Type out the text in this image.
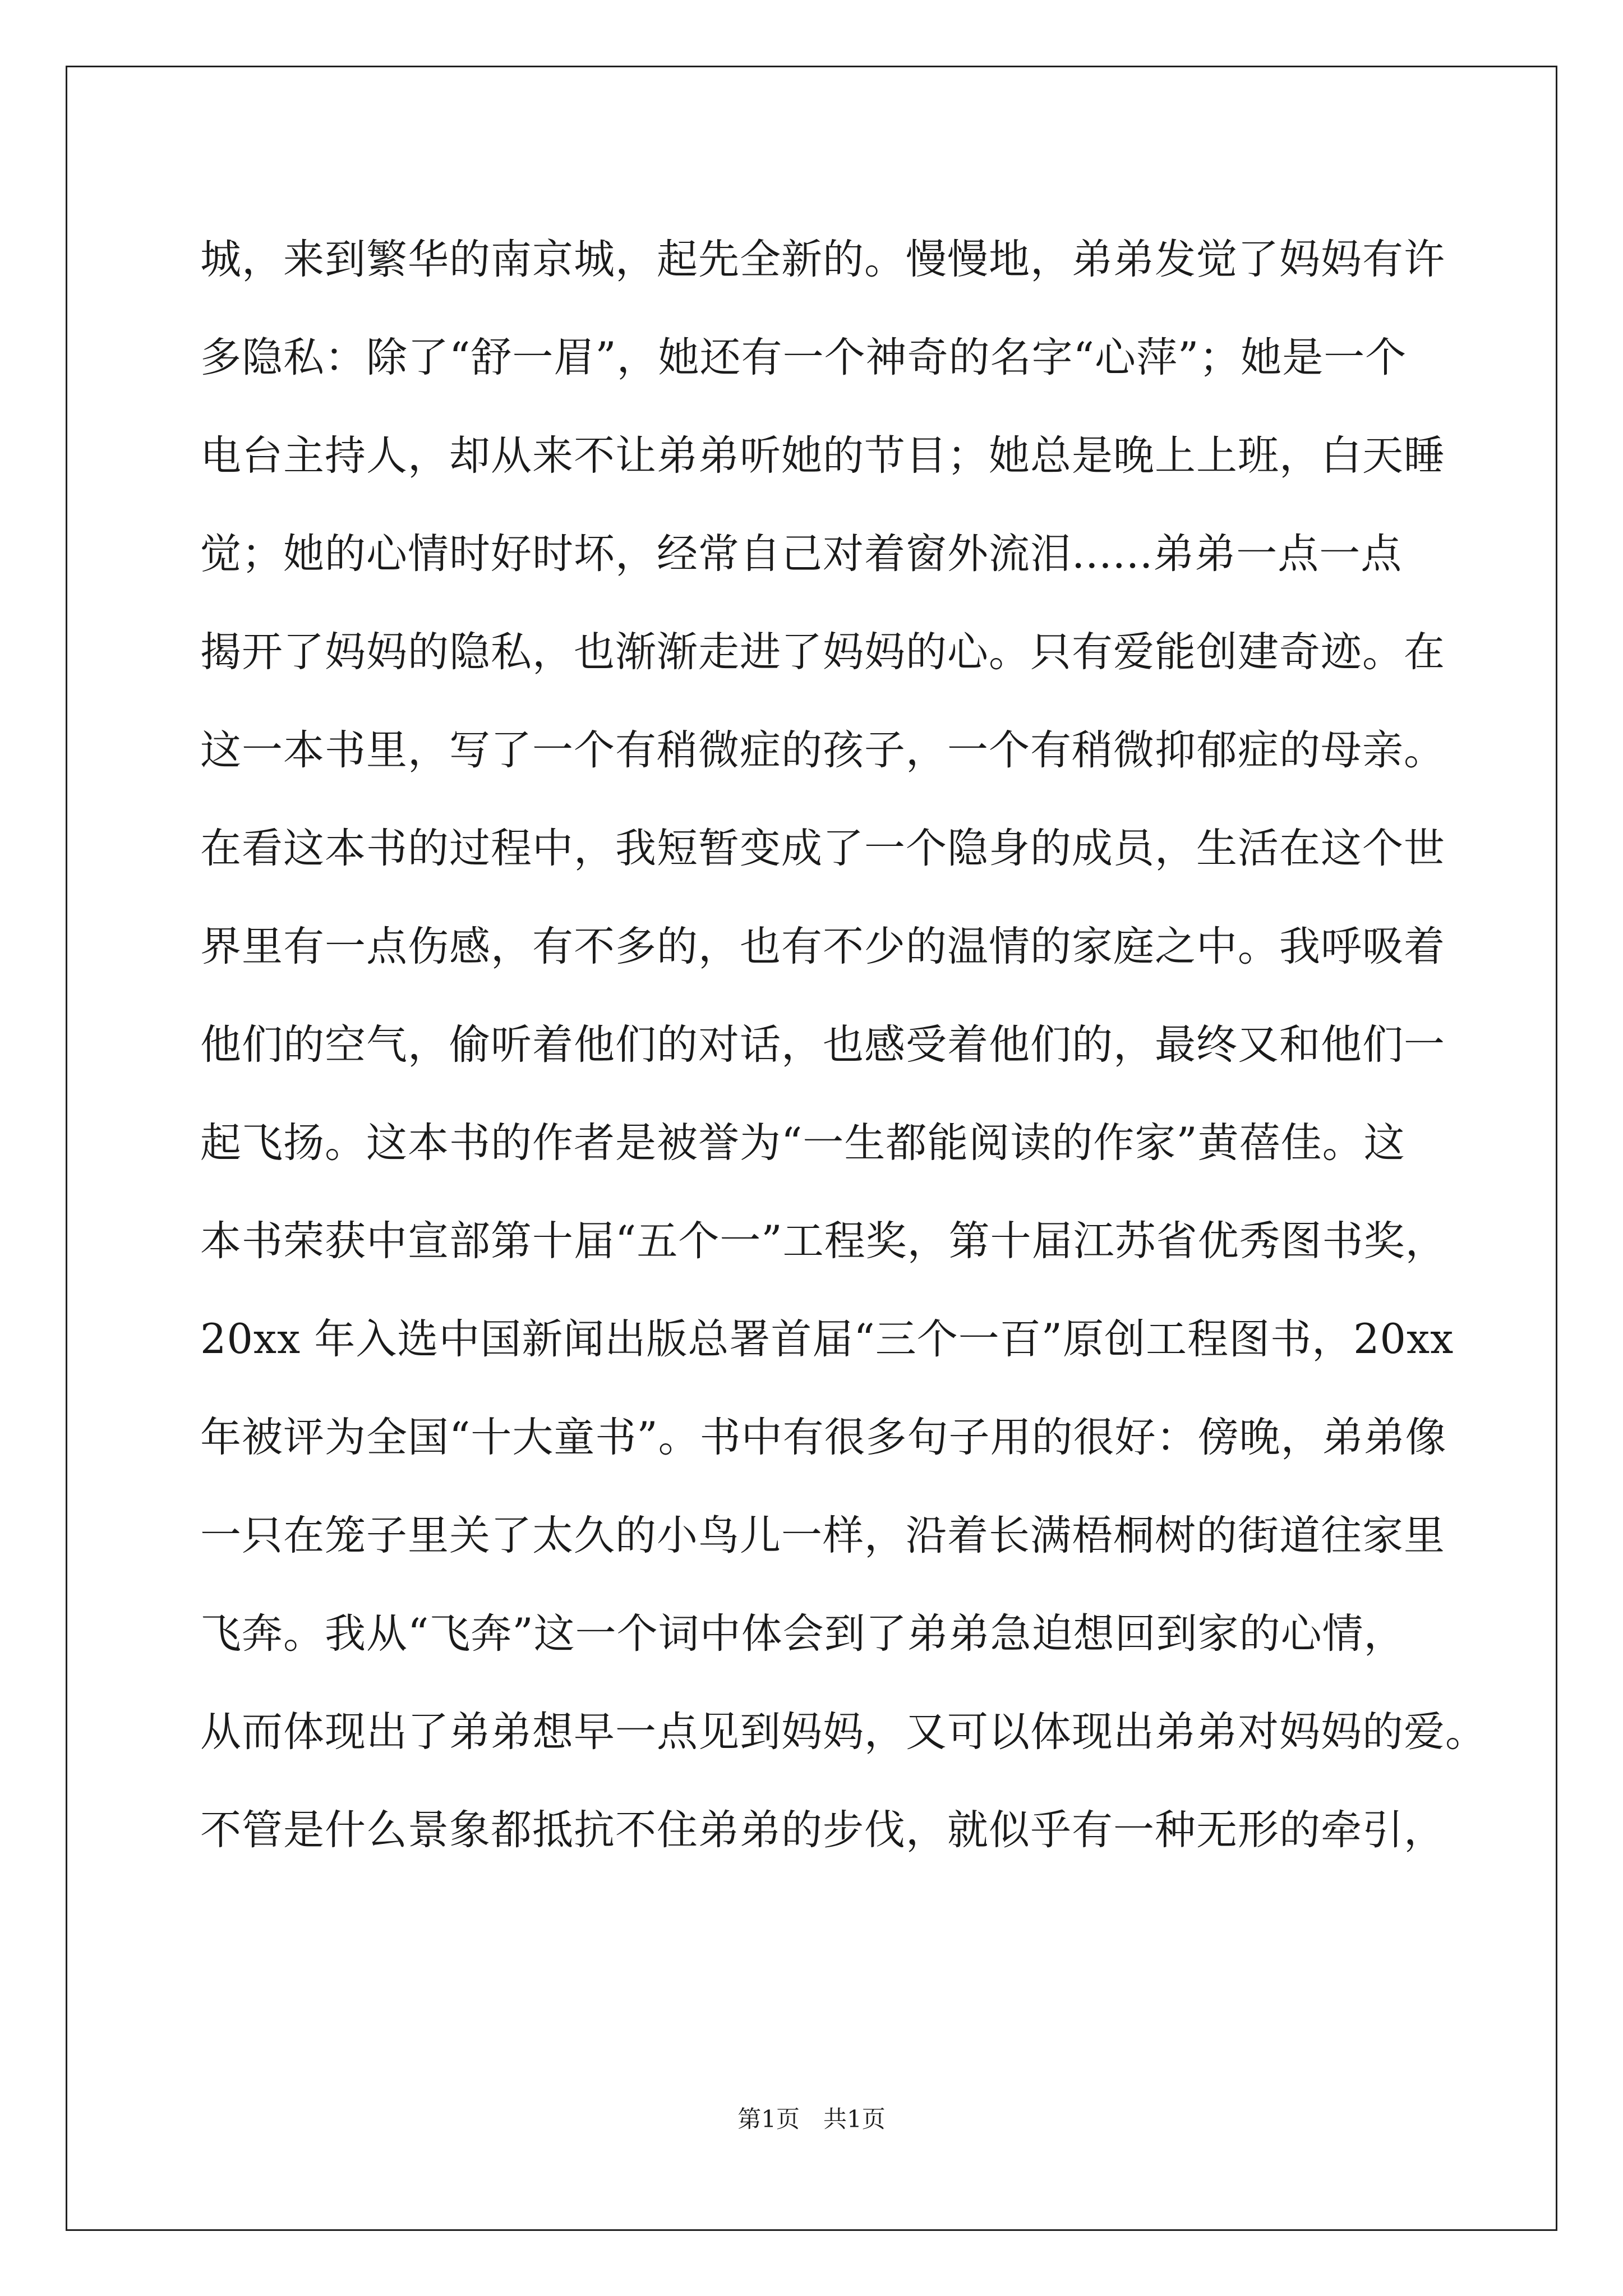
城，来到繁华的南京城，起先全新的。慢慢地，弟弟发觉了妈妈有许
多隐私：除了“舒一眉”，她还有一个神奇的名字“心萍”；她是一个
电台主持人，却从来不让弟弟听她的节目；她总是晚上上班，白天睡
觉；她的心情时好时坏，经常自己对着窗外流泪......弟弟一点一点
揭开了妈妈的隐私，也渐渐走进了妈妈的心。只有爱能创建奇迹。在
这一本书里，写了一个有稍微症的孩子，一个有稍微抑郁症的母亲。
在看这本书的过程中，我短暂变成了一个隐身的成员，生活在这个世
界里有一点伤感，有不多的，也有不少的温情的家庭之中。我呼吸着
他们的空气，偷听着他们的对话，也感受着他们的，最终又和他们一
起飞扬。这本书的作者是被誉为“一生都能阅读的作家”黄蓓佳。这
本书荣获中宣部第十届“五个一”工程奖，第十届江苏省优秀图书奖，
20xx 年入选中国新闻出版总署首届“三个一百”原创工程图书，20xx
年被评为全国“十大童书”。书中有很多句子用的很好：傍晚，弟弟像
一只在笼子里关了太久的小鸟儿一样，沿着长满梧桐树的街道往家里
飞奔。我从“飞奔”这一个词中体会到了弟弟急迫想回到家的心情，
从而体现出了弟弟想早一点见到妈妈，又可以体现出弟弟对妈妈的爱。
不管是什么景象都抵抗不住弟弟的步伐，就似乎有一种无形的牵引，
第1页　共1页
